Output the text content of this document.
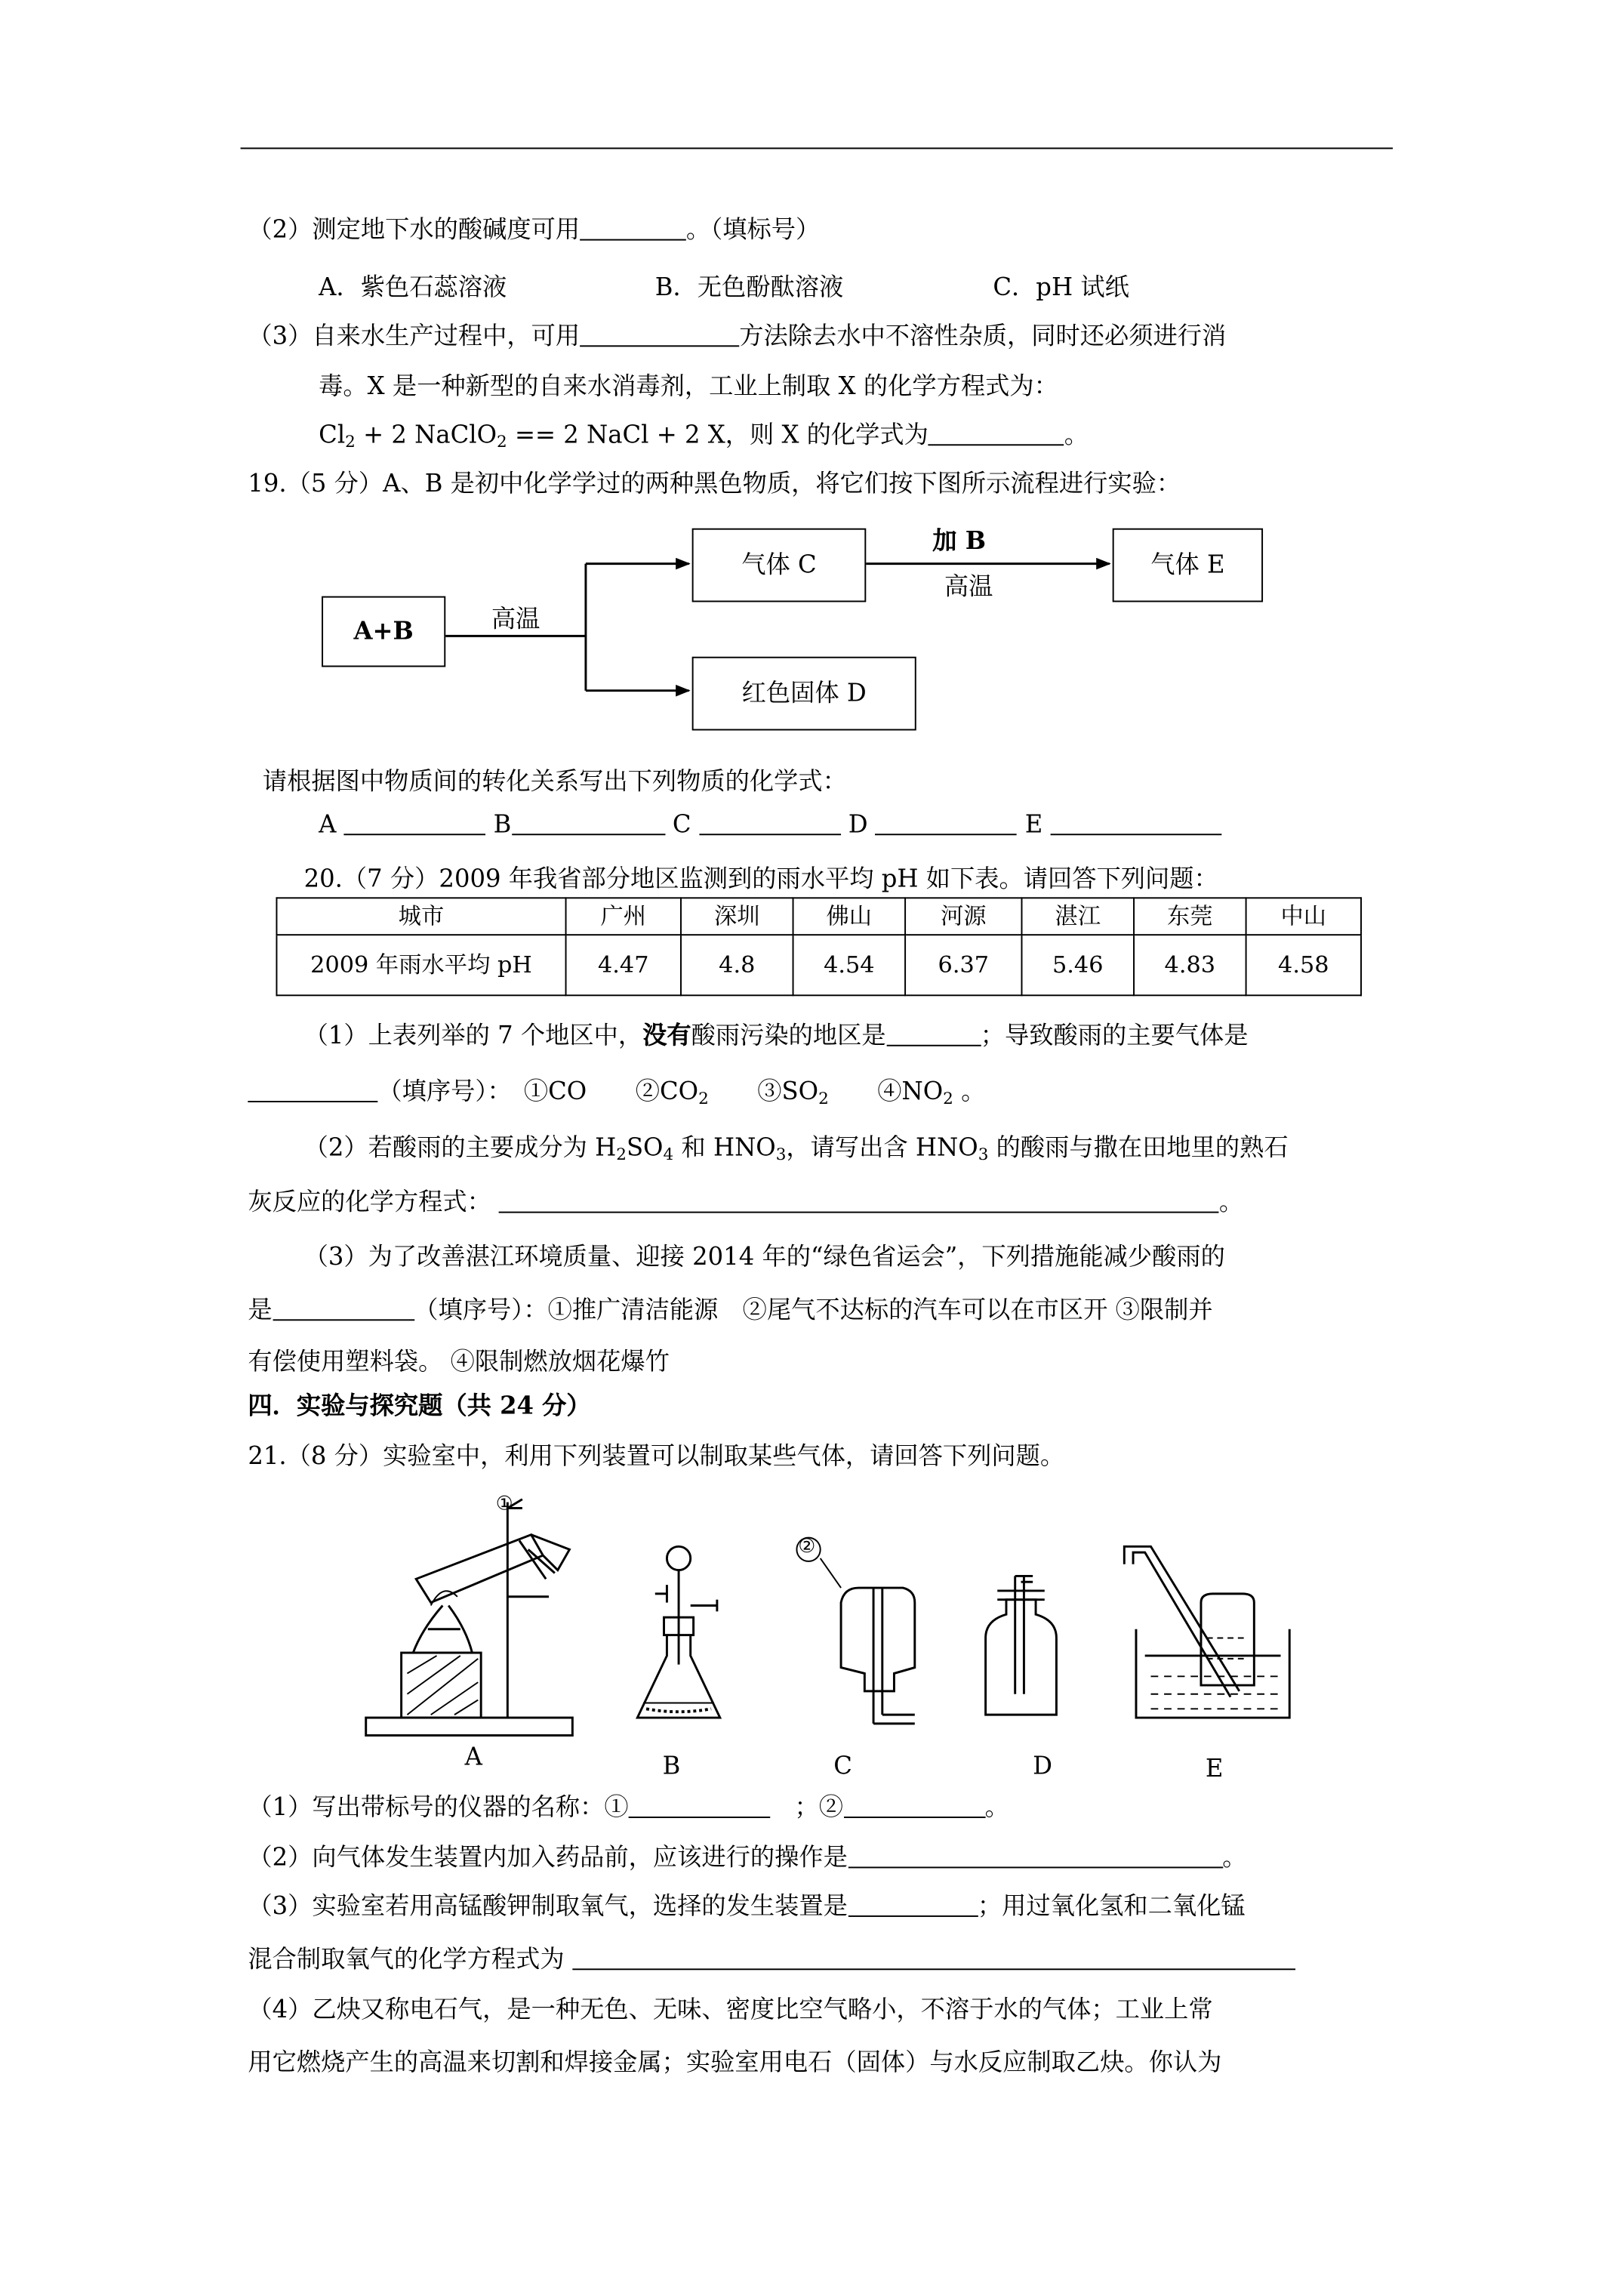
（2）测定地下水的酸碱度可用	。（填标号）
A．紫色石蕊溶液	B．无色酚酞溶液	C．pH 试纸
（3）自来水生产过程中，可用	方法除去水中不溶性杂质，同时还必须进行消
毒。X 是一种新型的自来水消毒剂，工业上制取 X 的化学方程式为：
$Cl_2 + 2$ NaClO$_2$ == 2 NaCl + 2 X，则 X 的化学式为	。
19.（5 分）A、B 是初中化学学过的两种黑色物质，将它们按下图所示流程进行实验：
A+B
气体 C	气体 E
红色固体 D
高温
加 B
高温
请根据图中物质间的转化关系写出下列物质的化学式：
A	B	C	D	E
20.（7 分）2009 年我省部分地区监测到的雨水平均 pH 如下表。请回答下列问题：
城市	广州	深圳	佛山	河源	湛江	东莞	中山
2009 年雨水平均 pH	4.47	4.8	4.54	6.37	5.46	4.83	4.58
（1）上表列举的 7 个地区中，没有酸雨污染的地区是	；导致酸雨的主要气体是
（填序号）：　 ①CO　　	$②CO_2$　　	$③SO_2$　　	$④NO_2$ 。
（2）若酸雨的主要成分为 $H_2SO_4$ 和 $HNO_3$，请写出含 $HNO_3$ 的酸雨与撒在田地里的熟石
灰反应的化学方程式：	。
（3）为了改善湛江环境质量、迎接 2014 年的“绿色省运会”，下列措施能减少酸雨的
是	（填序号）：①推广清洁能源　②尾气不达标的汽车可以在市区开 ③限制并
有偿使用塑料袋。 ④限制燃放烟花爆竹
四．实验与探究题（共 24 分）
21.（8 分）实验室中，利用下列装置可以制取某些气体，请回答下列问题。
①
②
A	B	C	D	E
（1）写出带标号的仪器的名称：①　	；②	。
（2）向气体发生装置内加入药品前，应该进行的操作是	。
（3）实验室若用高锰酸钾制取氧气，选择的发生装置是	；用过氧化氢和二氧化锰
混合制取氧气的化学方程式为
（4）乙炔又称电石气，是一种无色、无味、密度比空气略小，不溶于水的气体；工业上常
用它燃烧产生的高温来切割和焊接金属；实验室用电石（固体）与水反应制取乙炔。你认为
